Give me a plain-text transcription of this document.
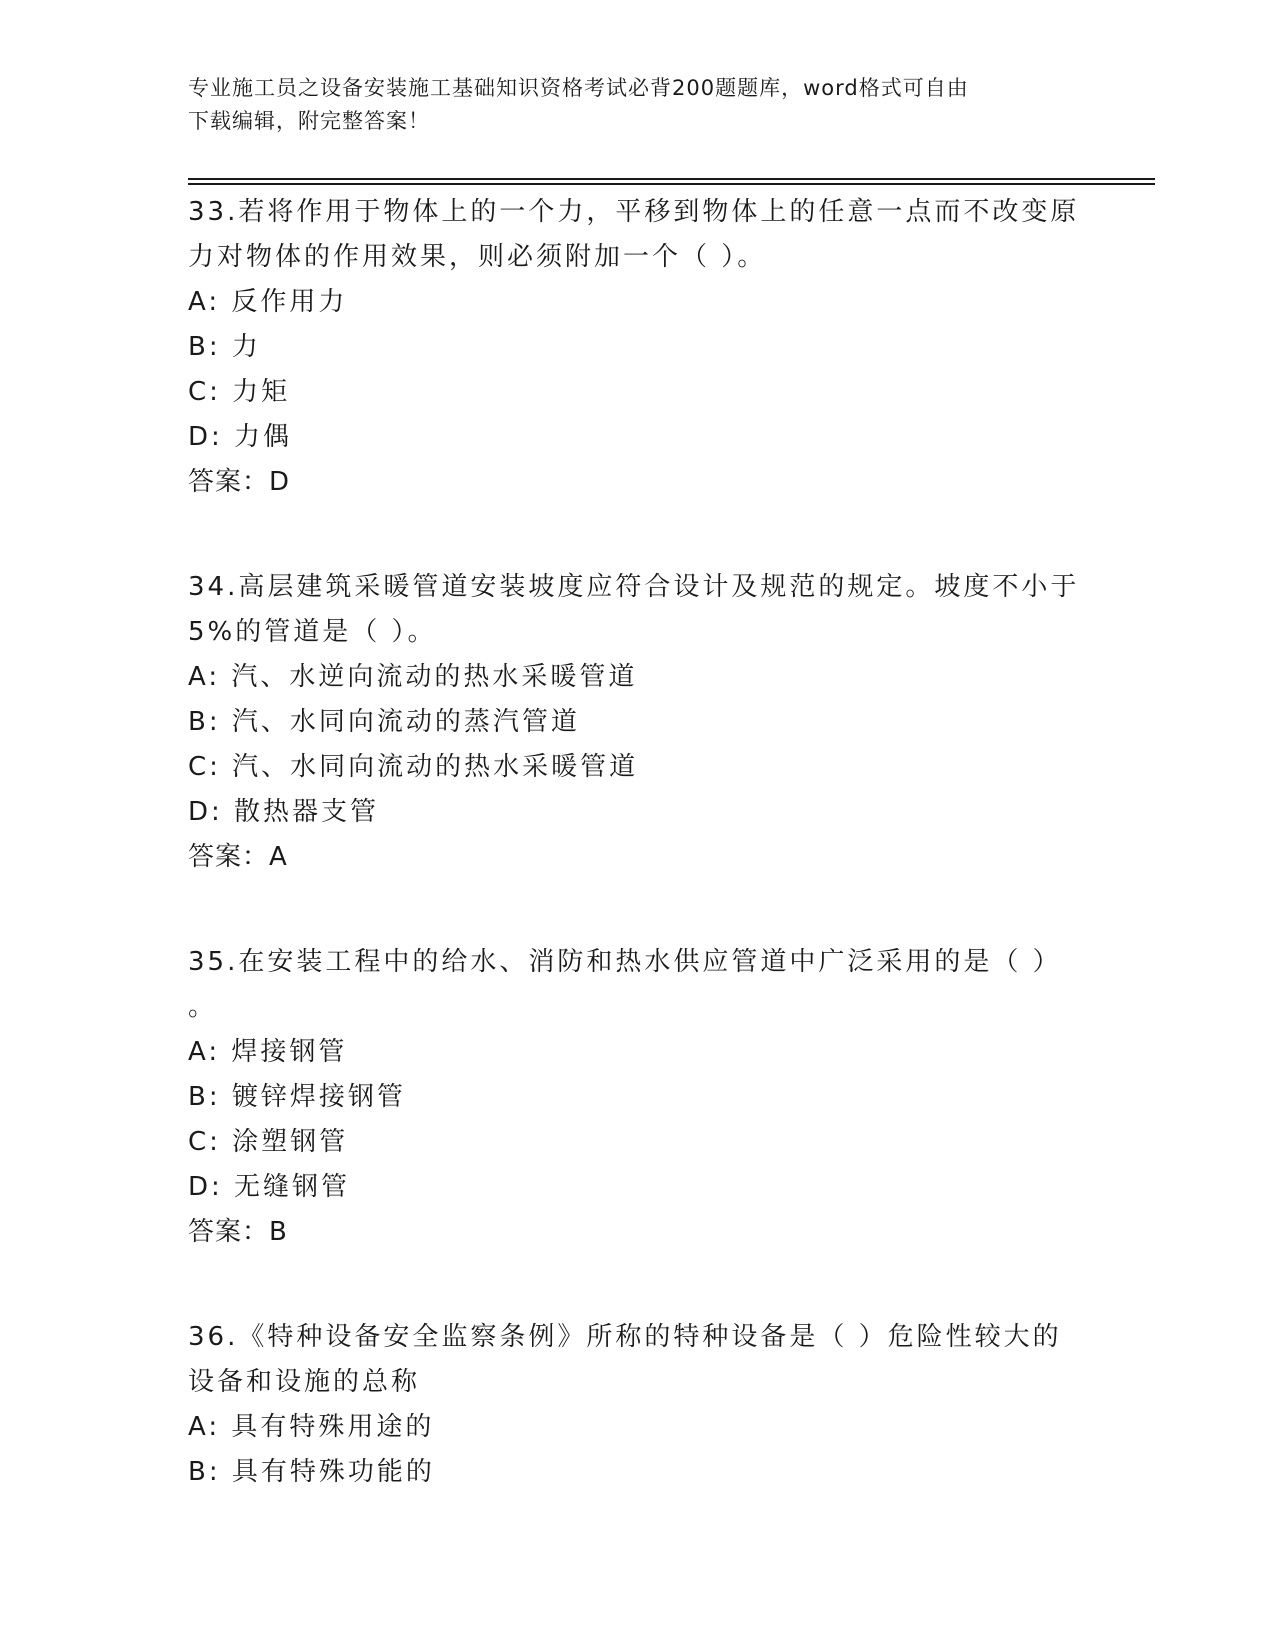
专业施工员之设备安装施工基础知识资格考试必背200题题库，word格式可自由
下载编辑，附完整答案！
33.若将作用于物体上的一个力，平移到物体上的任意一点而不改变原
力对物体的作用效果，则必须附加一个（ ）。
A: 反作用力
B: 力
C: 力矩
D: 力偶
答案：D
34.高层建筑采暖管道安装坡度应符合设计及规范的规定。坡度不小于
5%的管道是（ ）。
A: 汽、水逆向流动的热水采暖管道
B: 汽、水同向流动的蒸汽管道
C: 汽、水同向流动的热水采暖管道
D: 散热器支管
答案：A
35.在安装工程中的给水、消防和热水供应管道中广泛采用的是（ ）
。
A: 焊接钢管
B: 镀锌焊接钢管
C: 涂塑钢管
D: 无缝钢管
答案：B
36.《特种设备安全监察条例》所称的特种设备是（ ）危险性较大的
设备和设施的总称
A: 具有特殊用途的
B: 具有特殊功能的
